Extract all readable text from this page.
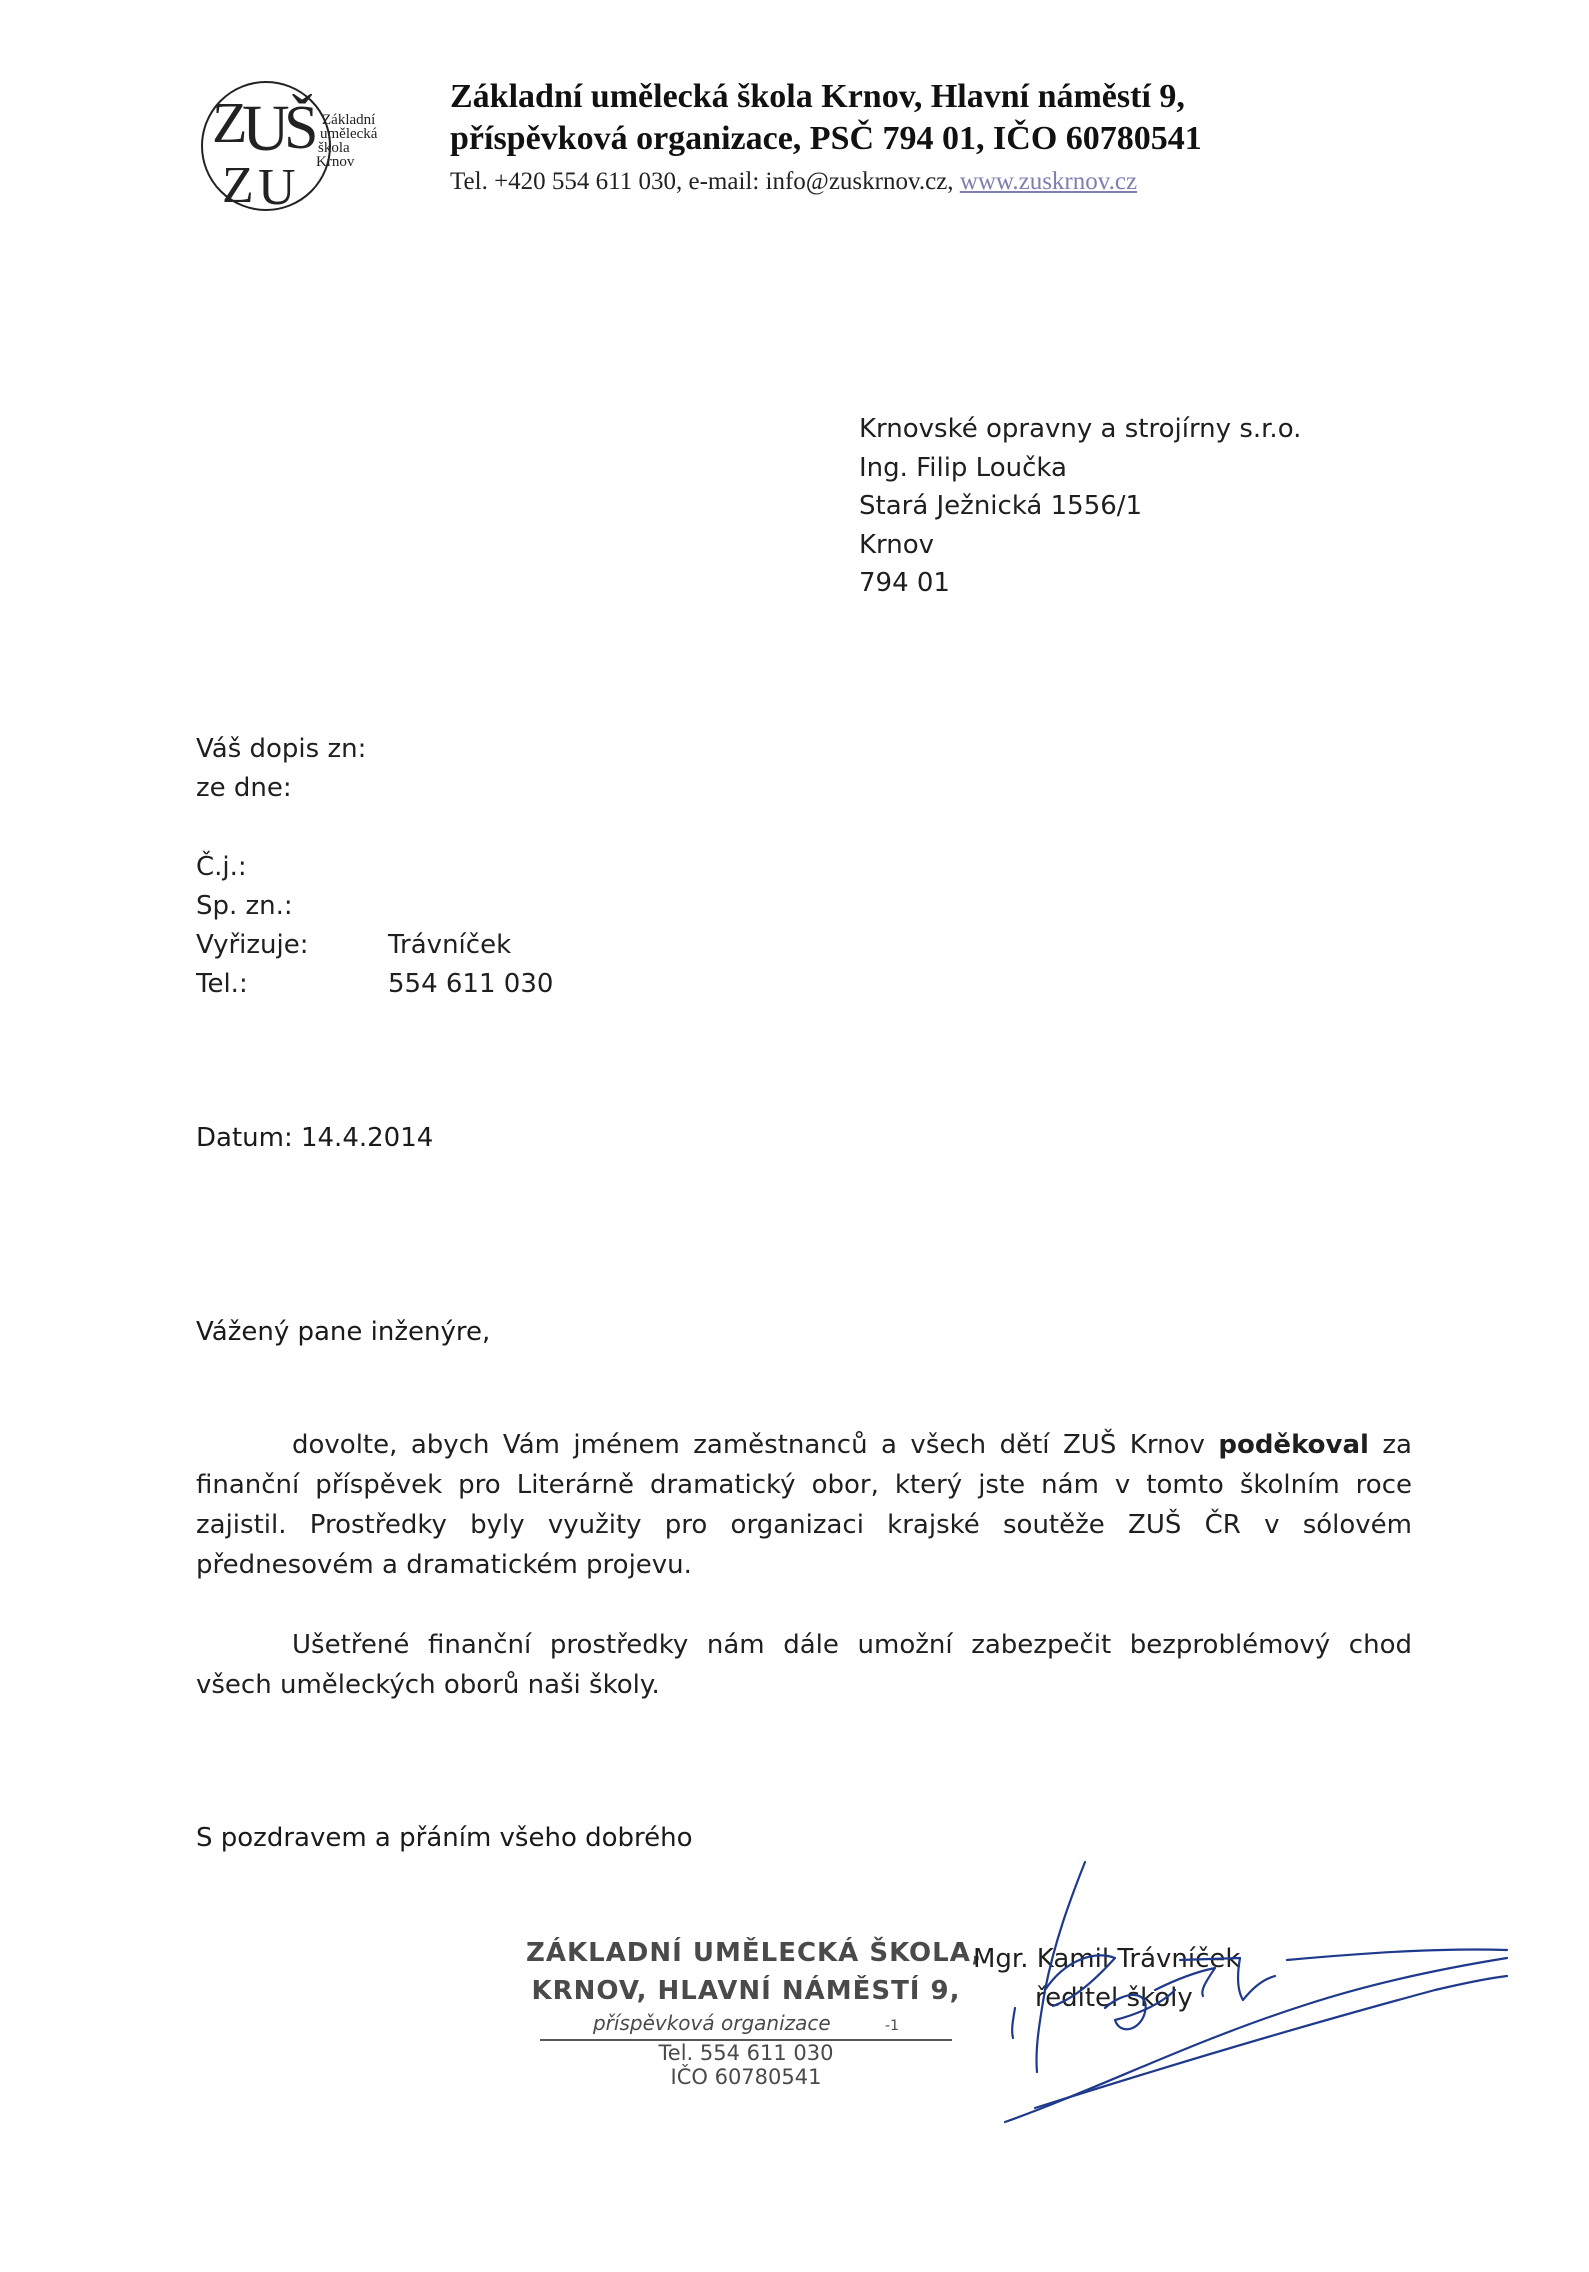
Z
U
Š
Z U
Základní
umělecká
škola
Krnov
Základní umělecká škola Krnov, Hlavní náměstí 9,
příspěvková organizace, PSČ 794 01, IČO 60780541
Tel. +420 554 611 030, e-mail: info@zuskrnov.cz, www.zuskrnov.cz
Krnovské opravny a strojírny s.r.o.
Ing. Filip Loučka
Stará Ježnická 1556/1
Krnov
794 01
Váš dopis zn:
ze dne:
Č.j.:
Sp. zn.:
Vyřizuje:	Trávníček
Tel.:	554 611 030
Datum: 14.4.2014
Vážený pane inženýre,

dovolte, abych Vám jménem zaměstnanců a všech dětí ZUŠ Krnov poděkoval za finanční příspěvek pro Literárně dramatický obor, který jste nám v tomto školním roce zajistil. Prostředky byly využity pro organizaci krajské soutěže ZUŠ ČR v sólovém přednesovém a dramatickém projevu.

Ušetřené finanční prostředky nám dále umožní zabezpečit bezproblémový chod všech uměleckých oborů naši školy.

S pozdravem a přáním všeho dobrého
ZÁKLADNÍ UMĚLECKÁ ŠKOLA,
KRNOV, HLAVNÍ NÁMĚSTÍ 9,
příspěvková organizace	-1
Tel. 554 611 030
IČO 60780541
Mgr. Kamil Trávníček
ředitel školy
